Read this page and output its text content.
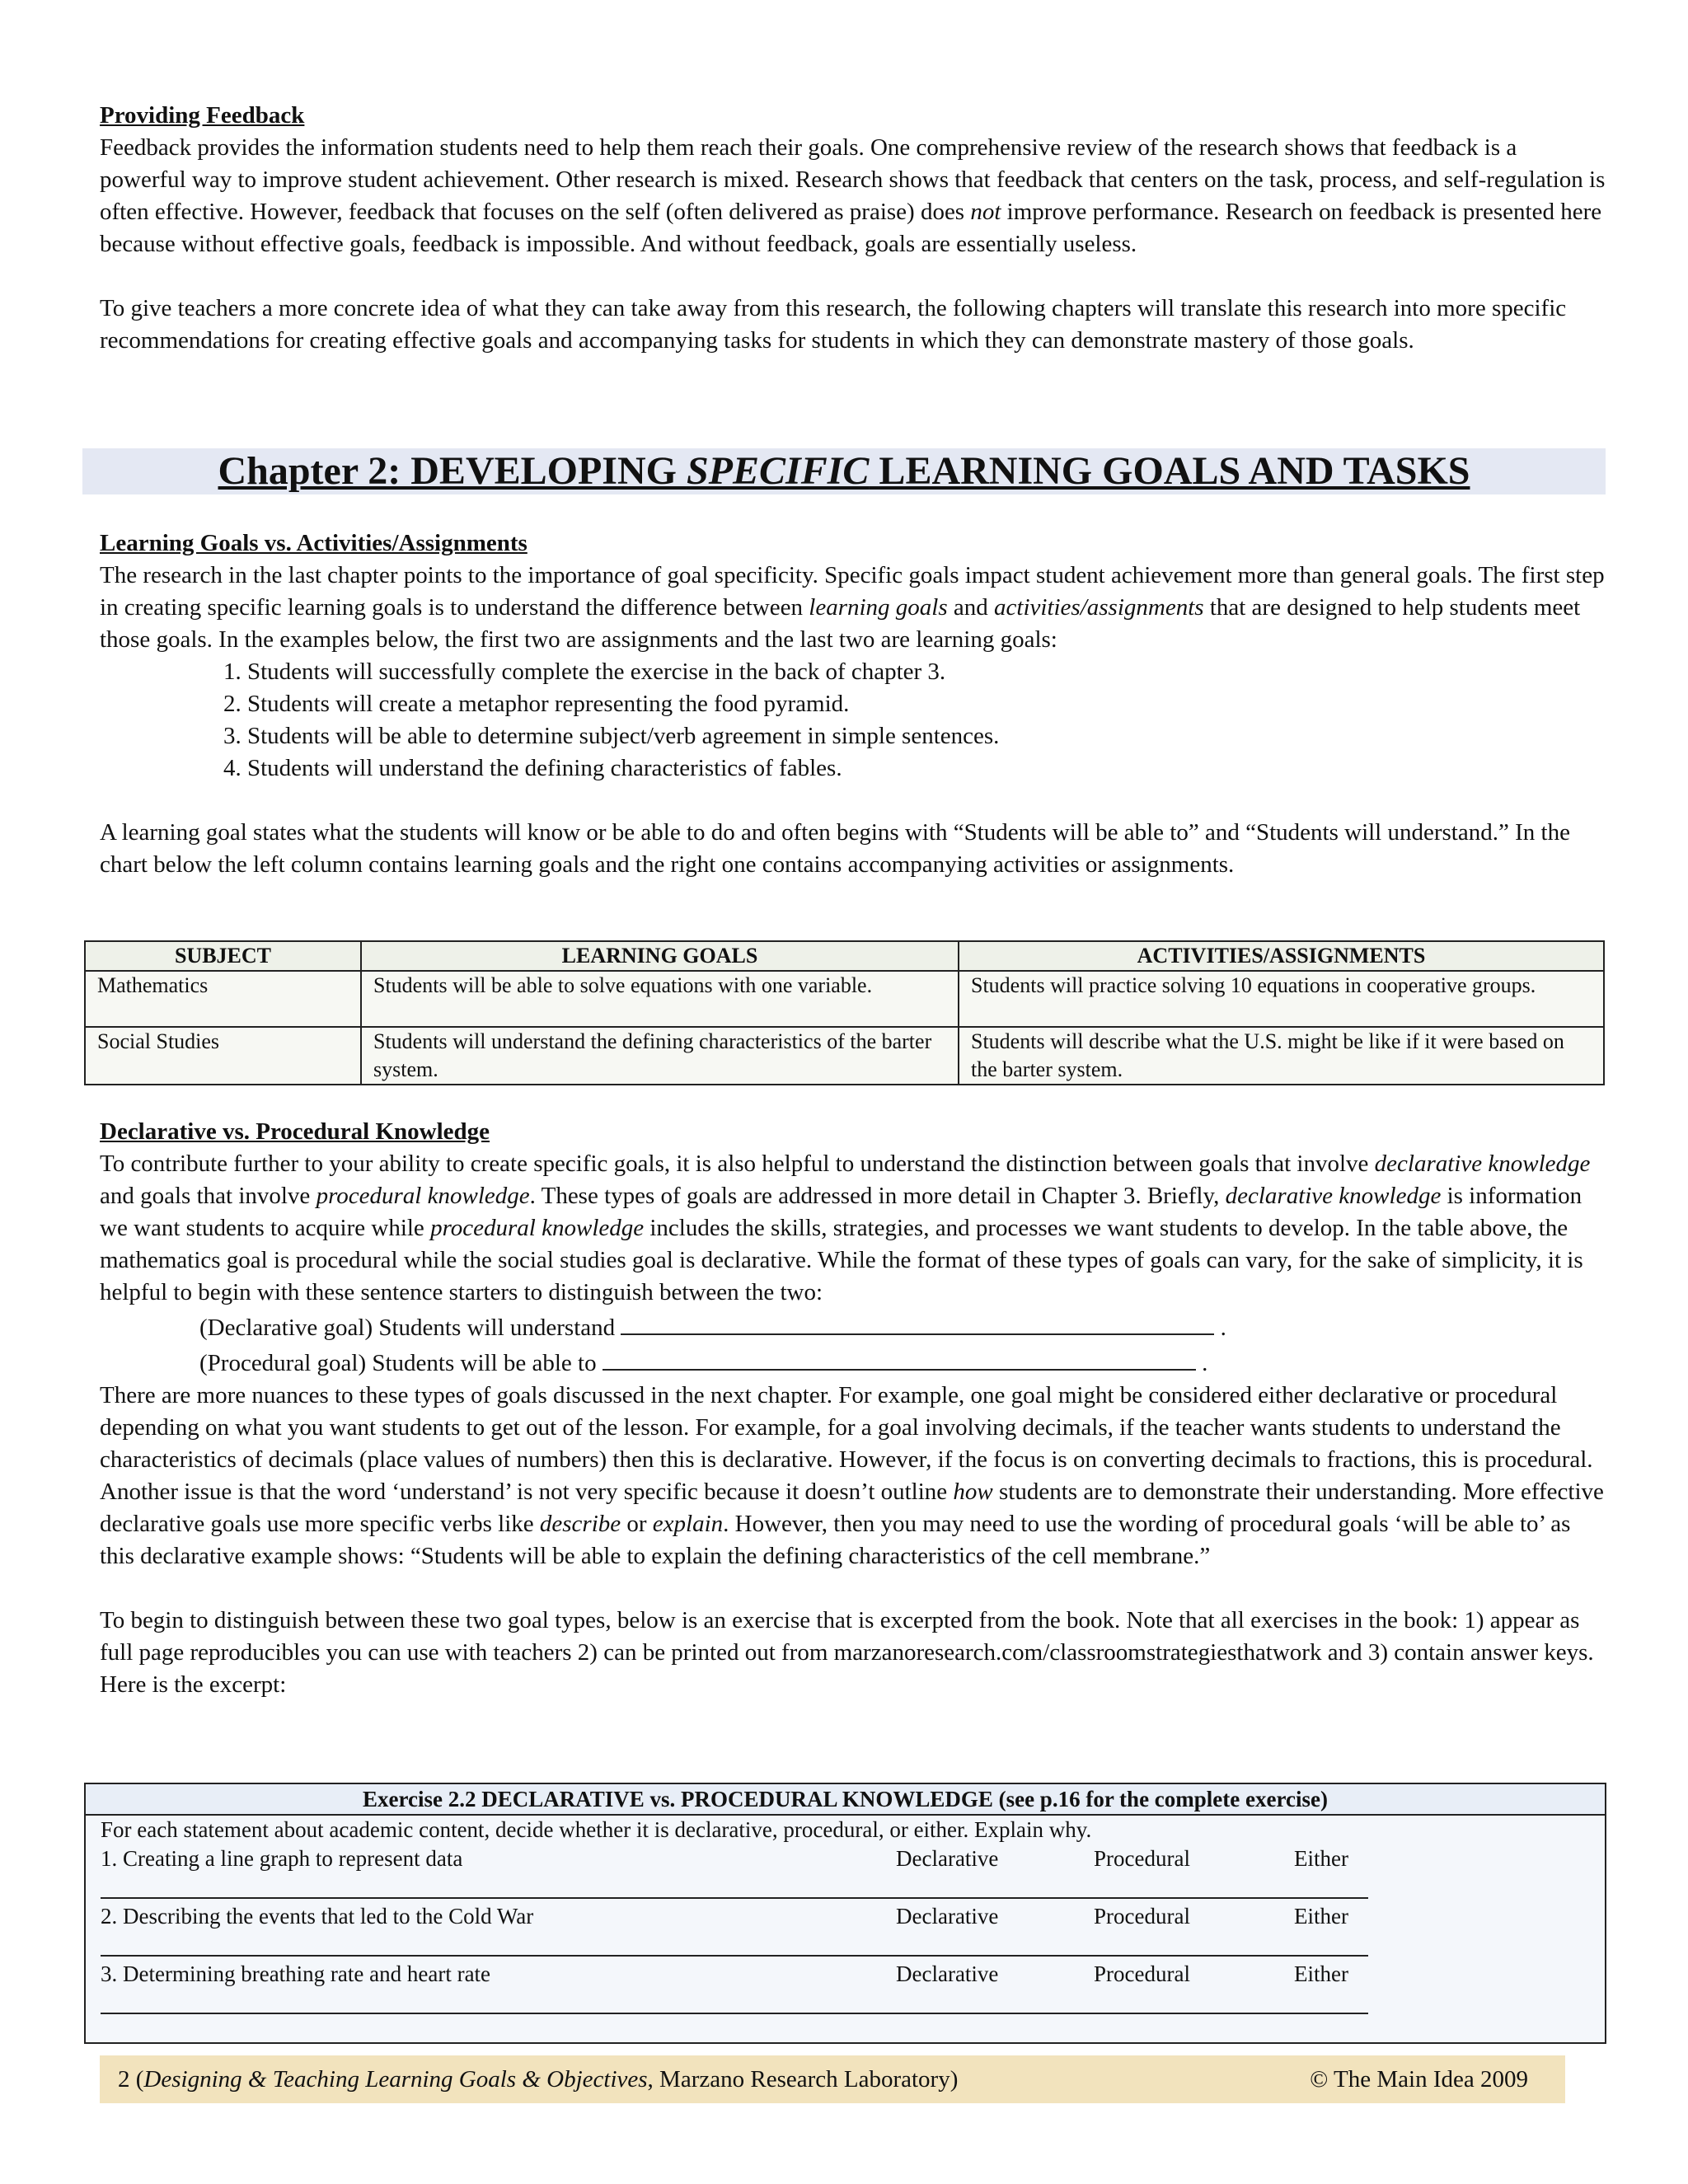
Providing Feedback

Feedback provides the information students need to help them reach their goals. One comprehensive review of the research shows that feedback is a powerful way to improve student achievement. Other research is mixed. Research shows that feedback that centers on the task, process, and self-regulation is often effective. However, feedback that focuses on the self (often delivered as praise) does not improve performance. Research on feedback is presented here because without effective goals, feedback is impossible. And without feedback, goals are essentially useless.

To give teachers a more concrete idea of what they can take away from this research, the following chapters will translate this research into more specific recommendations for creating effective goals and accompanying tasks for students in which they can demonstrate mastery of those goals.

Chapter 2: DEVELOPING SPECIFIC LEARNING GOALS AND TASKS

Learning Goals vs. Activities/Assignments

The research in the last chapter points to the importance of goal specificity. Specific goals impact student achievement more than general goals. The first step in creating specific learning goals is to understand the difference between learning goals and activities/assignments that are designed to help students meet those goals. In the examples below, the first two are assignments and the last two are learning goals:

1. Students will successfully complete the exercise in the back of chapter 3.
2. Students will create a metaphor representing the food pyramid.
3. Students will be able to determine subject/verb agreement in simple sentences.
4. Students will understand the defining characteristics of fables.

A learning goal states what the students will know or be able to do and often begins with “Students will be able to” and “Students will understand.” In the chart below the left column contains learning goals and the right one contains accompanying activities or assignments.

SUBJECT	LEARNING GOALS	ACTIVITIES/ASSIGNMENTS
Mathematics	Students will be able to solve equations with one variable.	Students will practice solving 10 equations in cooperative groups.
Social Studies	Students will understand the defining characteristics of the barter system.	Students will describe what the U.S. might be like if it were based on the barter system.

Declarative vs. Procedural Knowledge

To contribute further to your ability to create specific goals, it is also helpful to understand the distinction between goals that involve declarative knowledge and goals that involve procedural knowledge. These types of goals are addressed in more detail in Chapter 3. Briefly, declarative knowledge is information we want students to acquire while procedural knowledge includes the skills, strategies, and processes we want students to develop. In the table above, the mathematics goal is procedural while the social studies goal is declarative. While the format of these types of goals can vary, for the sake of simplicity, it is helpful to begin with these sentence starters to distinguish between the two:

(Declarative goal) Students will understand	.

(Procedural goal) Students will be able to	.

There are more nuances to these types of goals discussed in the next chapter. For example, one goal might be considered either declarative or procedural depending on what you want students to get out of the lesson. For example, for a goal involving decimals, if the teacher wants students to understand the characteristics of decimals (place values of numbers) then this is declarative. However, if the focus is on converting decimals to fractions, this is procedural. Another issue is that the word ‘understand’ is not very specific because it doesn’t outline how students are to demonstrate their understanding. More effective declarative goals use more specific verbs like describe or explain. However, then you may need to use the wording of procedural goals ‘will be able to’ as this declarative example shows: “Students will be able to explain the defining characteristics of the cell membrane.”

To begin to distinguish between these two goal types, below is an exercise that is excerpted from the book. Note that all exercises in the book: 1) appear as full page reproducibles you can use with teachers 2) can be printed out from marzanoresearch.com/classroomstrategiesthatwork and 3) contain answer keys. Here is the excerpt:

Exercise 2.2 DECLARATIVE vs. PROCEDURAL KNOWLEDGE (see p.16 for the complete exercise)

For each statement about academic content, decide whether it is declarative, procedural, or either. Explain why.

1. Creating a line graph to represent data	Declarative	Procedural	Either
2. Describing the events that led to the Cold War	Declarative	Procedural	Either
3. Determining breathing rate and heart rate	Declarative	Procedural	Either
2 (Designing & Teaching Learning Goals & Objectives, Marzano Research Laboratory)	© The Main Idea 2009
